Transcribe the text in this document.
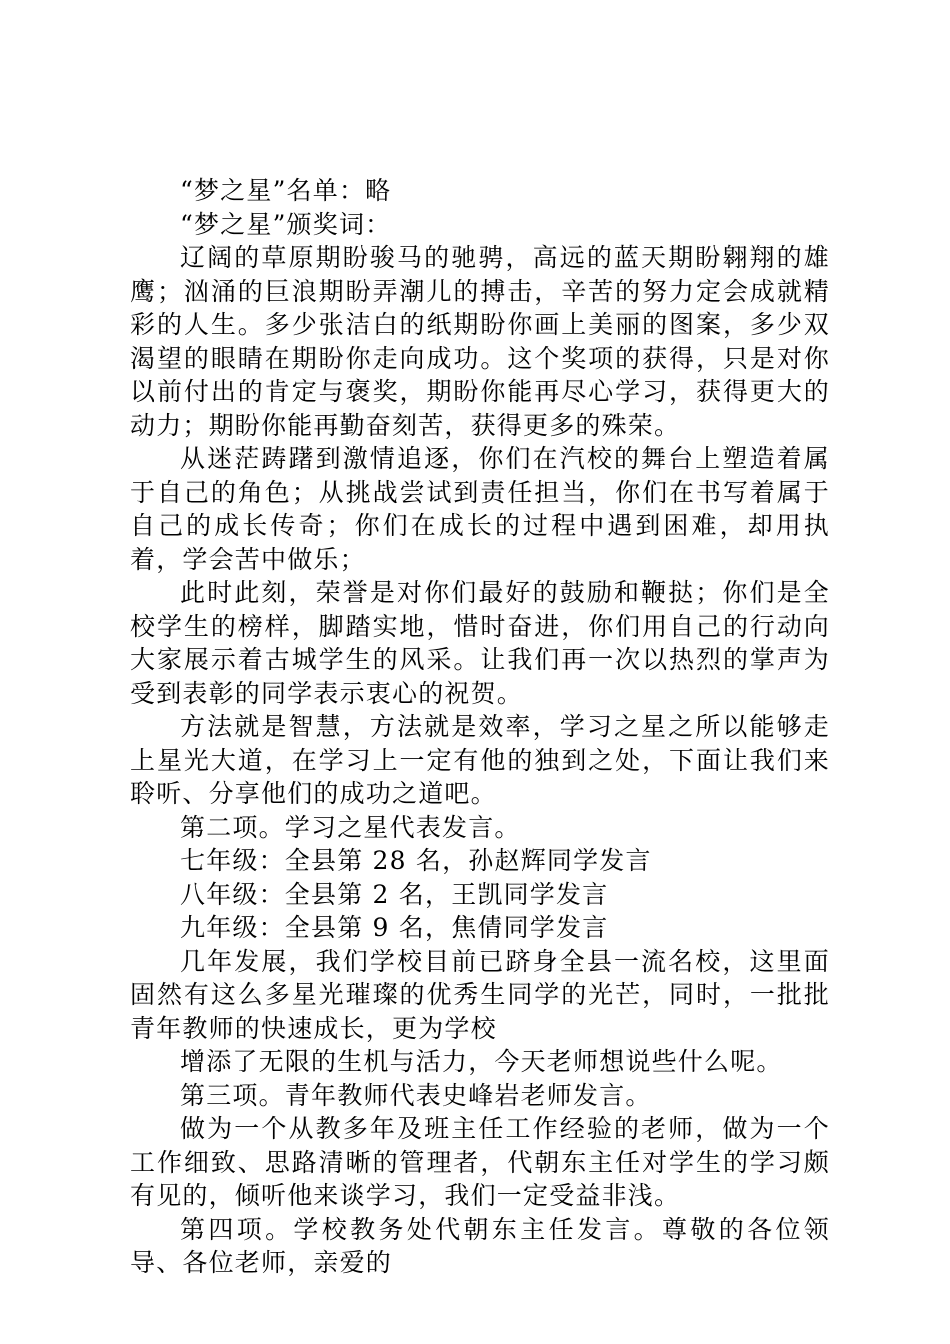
“梦之星”名单：略

“梦之星”颁奖词：

辽阔的草原期盼骏马的驰骋，高远的蓝天期盼翱翔的雄鹰；汹涌的巨浪期盼弄潮儿的搏击，辛苦的努力定会成就精彩的人生。多少张洁白的纸期盼你画上美丽的图案，多少双渴望的眼睛在期盼你走向成功。这个奖项的获得，只是对你以前付出的肯定与褒奖，期盼你能再尽心学习，获得更大的动力；期盼你能再勤奋刻苦，获得更多的殊荣。

从迷茫踌躇到激情追逐，你们在汽校的舞台上塑造着属于自己的角色；从挑战尝试到责任担当，你们在书写着属于自己的成长传奇；你们在成长的过程中遇到困难，却用执着，学会苦中做乐；

此时此刻，荣誉是对你们最好的鼓励和鞭挞；你们是全校学生的榜样，脚踏实地，惜时奋进，你们用自己的行动向大家展示着古城学生的风采。让我们再一次以热烈的掌声为受到表彰的同学表示衷心的祝贺。

方法就是智慧，方法就是效率，学习之星之所以能够走上星光大道，在学习上一定有他的独到之处，下面让我们来聆听、分享他们的成功之道吧。

第二项。学习之星代表发言。

七年级：全县第 28 名，孙赵辉同学发言

八年级：全县第 2 名，王凯同学发言

九年级：全县第 9 名，焦倩同学发言

几年发展，我们学校目前已跻身全县一流名校，这里面固然有这么多星光璀璨的优秀生同学的光芒，同时，一批批青年教师的快速成长，更为学校

增添了无限的生机与活力，今天老师想说些什么呢。

第三项。青年教师代表史峰岩老师发言。

做为一个从教多年及班主任工作经验的老师，做为一个工作细致、思路清晰的管理者，代朝东主任对学生的学习颇有见的，倾听他来谈学习，我们一定受益非浅。

第四项。学校教务处代朝东主任发言。尊敬的各位领导、各位老师，亲爱的
